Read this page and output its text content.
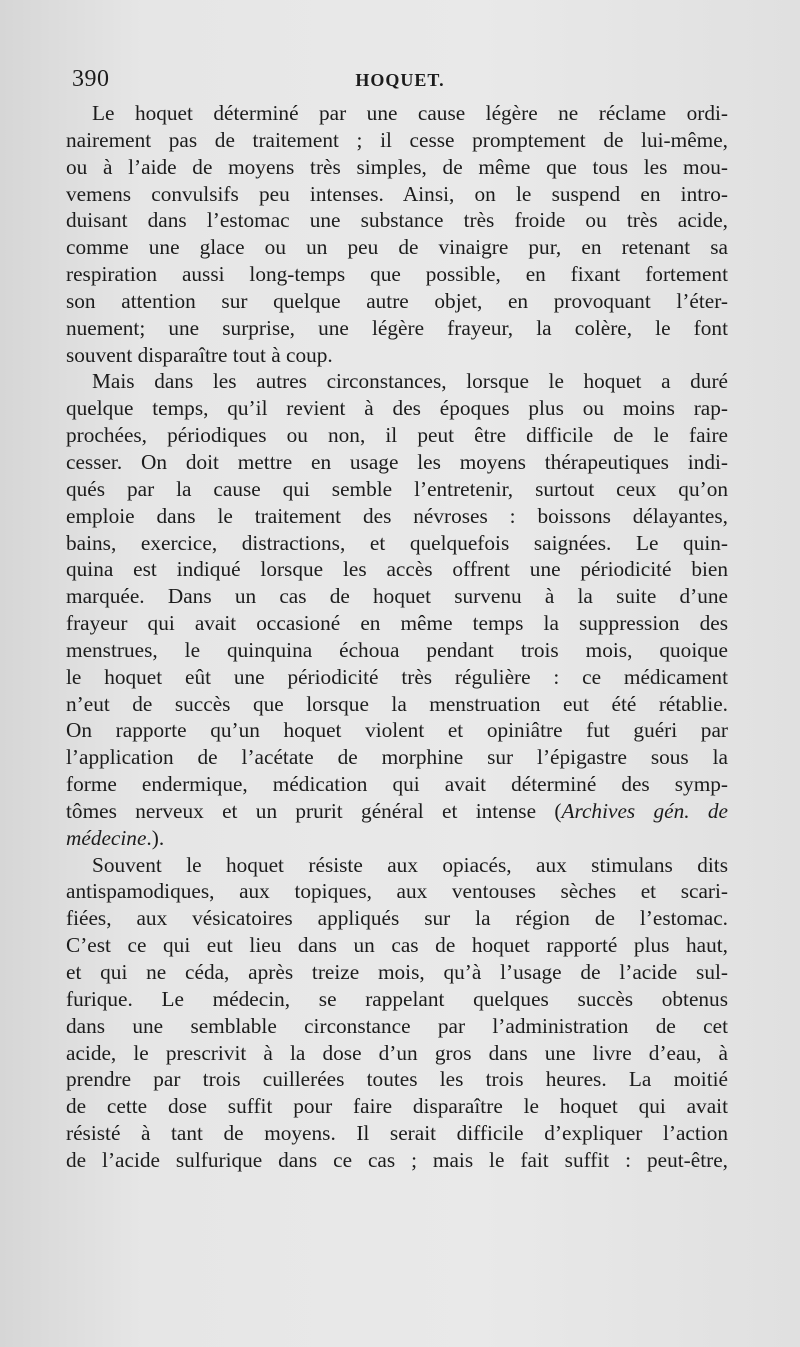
390	HOQUET.
Le hoquet déterminé par une cause légère ne réclame ordi-
nairement pas de traitement ; il cesse promptement de lui-même,
ou à l’aide de moyens très simples, de même que tous les mou-
vemens convulsifs peu intenses. Ainsi, on le suspend en intro-
duisant dans l’estomac une substance très froide ou très acide,
comme une glace ou un peu de vinaigre pur, en retenant sa
respiration aussi long-temps que possible, en fixant fortement
son attention sur quelque autre objet, en provoquant l’éter-
nuement; une surprise, une légère frayeur, la colère, le font
souvent disparaître tout à coup.
Mais dans les autres circonstances, lorsque le hoquet a duré
quelque temps, qu’il revient à des époques plus ou moins rap-
prochées, périodiques ou non, il peut être difficile de le faire
cesser. On doit mettre en usage les moyens thérapeutiques indi-
qués par la cause qui semble l’entretenir, surtout ceux qu’on
emploie dans le traitement des névroses : boissons délayantes,
bains, exercice, distractions, et quelquefois saignées. Le quin-
quina est indiqué lorsque les accès offrent une périodicité bien
marquée. Dans un cas de hoquet survenu à la suite d’une
frayeur qui avait occasioné en même temps la suppression des
menstrues, le quinquina échoua pendant trois mois, quoique
le hoquet eût une périodicité très régulière : ce médicament
n’eut de succès que lorsque la menstruation eut été rétablie.
On rapporte qu’un hoquet violent et opiniâtre fut guéri par
l’application de l’acétate de morphine sur l’épigastre sous la
forme endermique, médication qui avait déterminé des symp-
tômes nerveux et un prurit général et intense (Archives gén. de
médecine.).
Souvent le hoquet résiste aux opiacés, aux stimulans dits
antispamodiques, aux topiques, aux ventouses sèches et scari-
fiées, aux vésicatoires appliqués sur la région de l’estomac.
C’est ce qui eut lieu dans un cas de hoquet rapporté plus haut,
et qui ne céda, après treize mois, qu’à l’usage de l’acide sul-
furique. Le médecin, se rappelant quelques succès obtenus
dans une semblable circonstance par l’administration de cet
acide, le prescrivit à la dose d’un gros dans une livre d’eau, à
prendre par trois cuillerées toutes les trois heures. La moitié
de cette dose suffit pour faire disparaître le hoquet qui avait
résisté à tant de moyens. Il serait difficile d’expliquer l’action
de l’acide sulfurique dans ce cas ; mais le fait suffit : peut-être,
